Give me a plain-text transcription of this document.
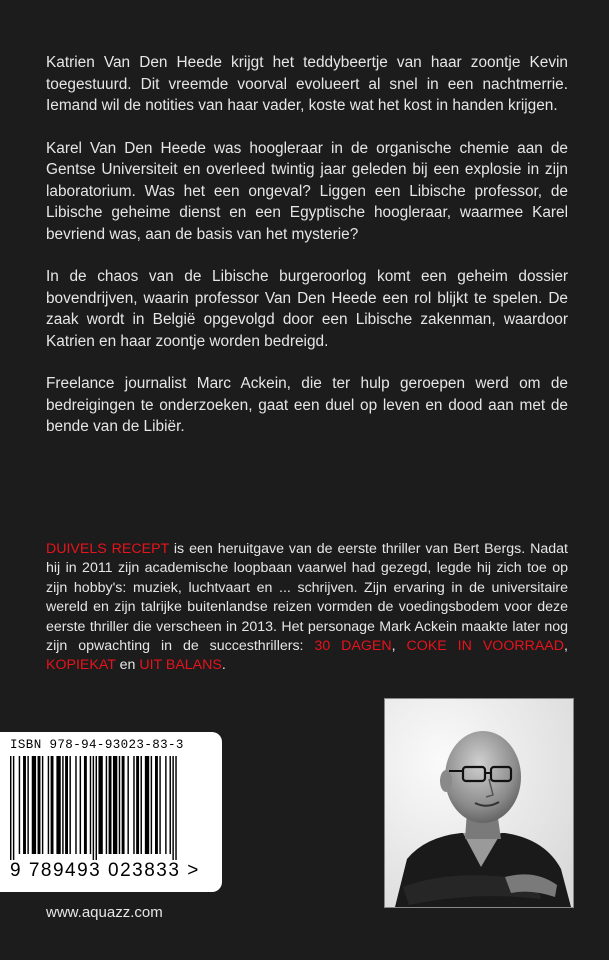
Katrien Van Den Heede krijgt het teddybeertje van haar zoontje Kevin toegestuurd. Dit vreemde voorval evolueert al snel in een nachtmerrie. Iemand wil de notities van haar vader, koste wat het kost in handen krijgen.

Karel Van Den Heede was hoogleraar in de organische chemie aan de Gentse Universiteit en overleed twintig jaar geleden bij een explosie in zijn laboratorium. Was het een ongeval? Liggen een Libische professor, de Libische geheime dienst en een Egyptische hoogleraar, waarmee Karel bevriend was, aan de basis van het mysterie?

In de chaos van de Libische burgeroorlog komt een geheim dossier bovendrijven, waarin professor Van Den Heede een rol blijkt te spelen. De zaak wordt in België opgevolgd door een Libische zakenman, waardoor Katrien en haar zoontje worden bedreigd.

Freelance journalist Marc Ackein, die ter hulp geroepen werd om de bedreigingen te onderzoeken, gaat een duel op leven en dood aan met de bende van de Libiër.

DUIVELS RECEPT is een heruitgave van de eerste thriller van Bert Bergs. Nadat hij in 2011 zijn academische loopbaan vaarwel had gezegd, legde hij zich toe op zijn hobby's: muziek, luchtvaart en ... schrijven. Zijn ervaring in de universitaire wereld en zijn talrijke buitenlandse reizen vormden de voedingsbodem voor deze eerste thriller die verscheen in 2013. Het personage Mark Ackein maakte later nog zijn opwachting in de succesthrillers: 30 DAGEN, COKE IN VOORRAAD, KOPIEKAT en UIT BALANS.
ISBN 978-94-93023-83-3
9 789493 023833 >
www.aquazz.com
